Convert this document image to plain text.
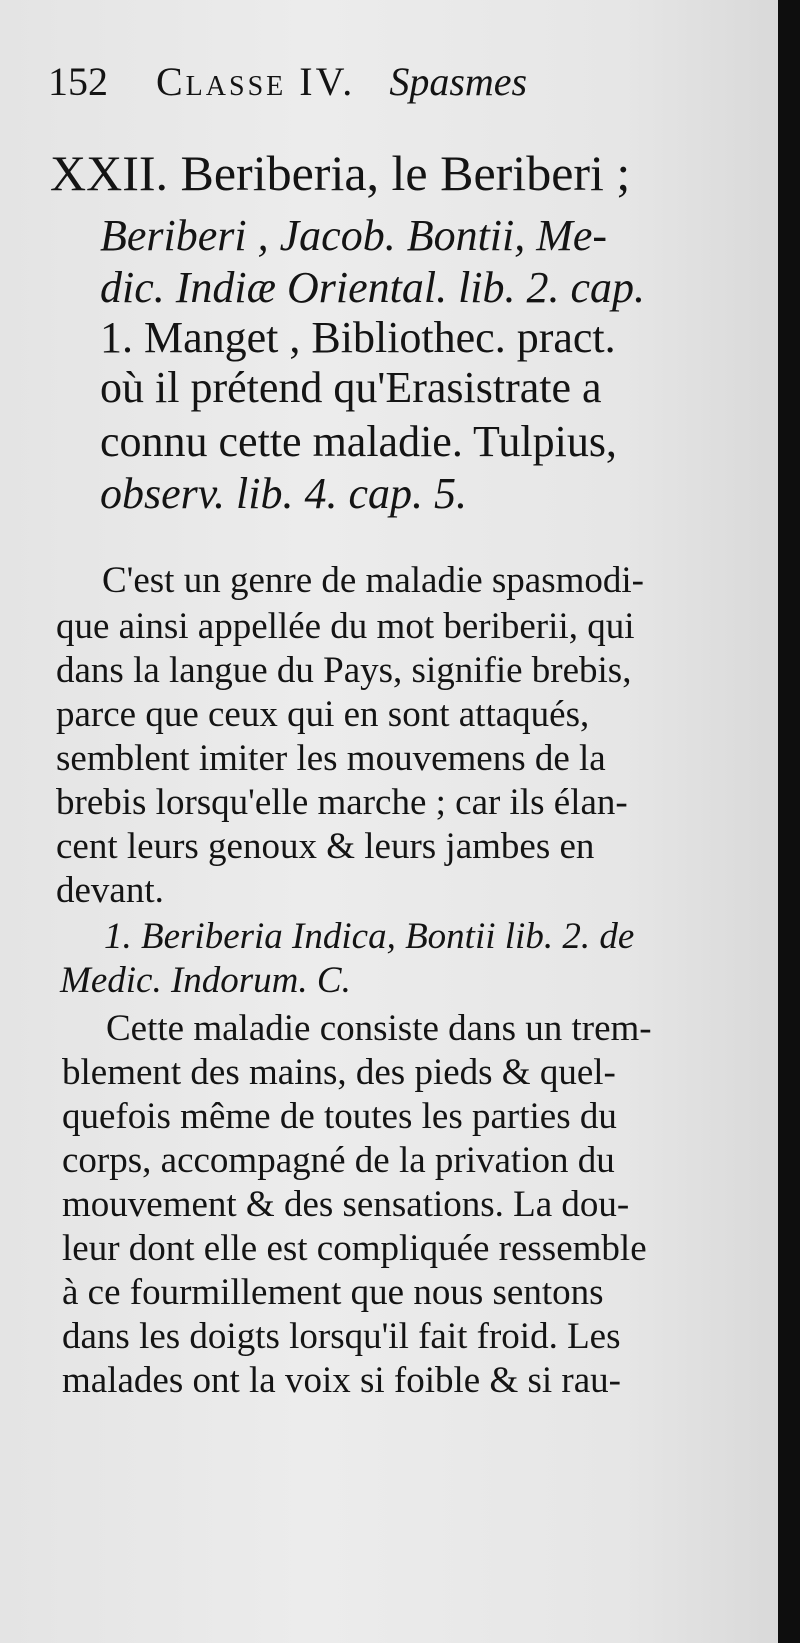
152 Classe IV. Spasmes
XXII. Beriberia, le Beriberi ;
Beriberi , Jacob. Bontii, Me-
dic. Indiæ Oriental. lib. 2. cap.
1. Manget , Bibliothec. pract.
où il prétend qu'Erasistrate a
connu cette maladie. Tulpius,
observ. lib. 4. cap. 5.
C'est un genre de maladie spasmodi-
que ainsi appellée du mot beriberii, qui
dans la langue du Pays, signifie brebis,
parce que ceux qui en sont attaqués,
semblent imiter les mouvemens de la
brebis lorsqu'elle marche ; car ils élan-
cent leurs genoux & leurs jambes en
devant.
1. Beriberia Indica, Bontii lib. 2. de
Medic. Indorum. C.
Cette maladie consiste dans un trem-
blement des mains, des pieds & quel-
quefois même de toutes les parties du
corps, accompagné de la privation du
mouvement & des sensations. La dou-
leur dont elle est compliquée ressemble
à ce fourmillement que nous sentons
dans les doigts lorsqu'il fait froid. Les
malades ont la voix si foible & si rau-
